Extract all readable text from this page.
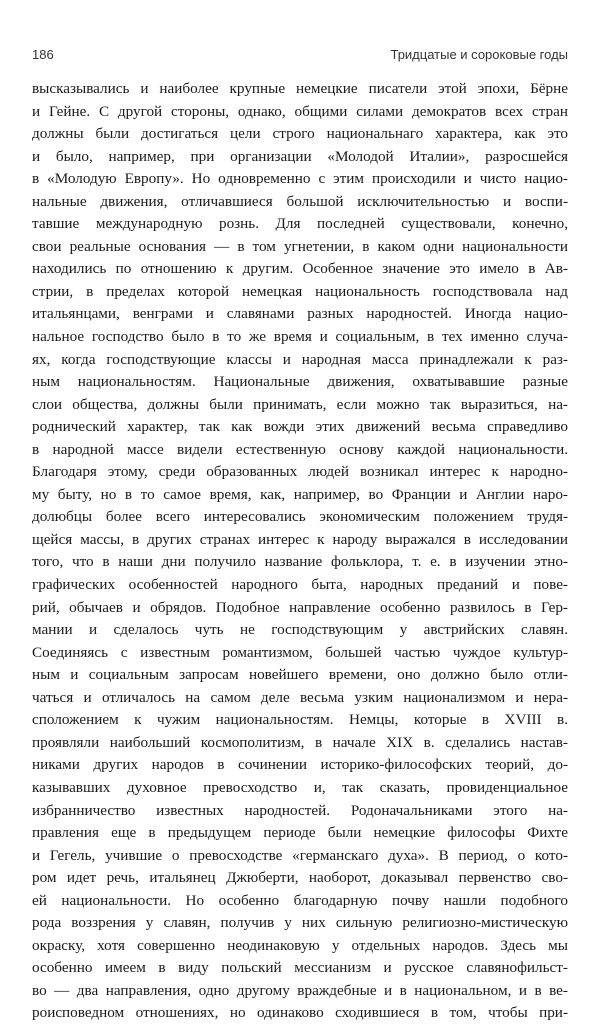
186	Тридцатые и сороковые годы
высказывались и наиболее крупные немецкие писатели этой эпохи, Бёрне
и Гейне. С другой стороны, однако, общими силами демократов всех стран
должны были достигаться цели строго национальнаго характера, как это
и было, например, при организации «Молодой Италии», разросшейся
в «Молодую Европу». Но одновременно с этим происходили и чисто нацио-
нальные движения, отличавшиеся большой исключительностью и воспи-
тавшие международную рознь. Для последней существовали, конечно,
свои реальные основания — в том угнетении, в каком одни национальности
находились по отношению к другим. Особенное значение это имело в Ав-
стрии, в пределах которой немецкая национальность господствовала над
итальянцами, венграми и славянами разных народностей. Иногда нацио-
нальное господство было в то же время и социальным, в тех именно случа-
ях, когда господствующие классы и народная масса принадлежали к раз-
ным национальностям. Национальные движения, охватывавшие разные
слои общества, должны были принимать, если можно так выразиться, на-
роднический характер, так как вожди этих движений весьма справедливо
в народной массе видели естественную основу каждой национальности.
Благодаря этому, среди образованных людей возникал интерес к народно-
му быту, но в то самое время, как, например, во Франции и Англии наро-
долюбцы более всего интересовались экономическим положением трудя-
щейся массы, в других странах интерес к народу выражался в исследовании
того, что в наши дни получило название фольклора, т. е. в изучении этно-
графических особенностей народного быта, народных преданий и пове-
рий, обычаев и обрядов. Подобное направление особенно развилось в Гер-
мании и сделалось чуть не господствующим у австрийских славян.
Соединяясь с известным романтизмом, большей частью чуждое культур-
ным и социальным запросам новейшего времени, оно должно было отли-
чаться и отличалось на самом деле весьма узким национализмом и нера-
сположением к чужим национальностям. Немцы, которые в XVIII в.
проявляли наибольший космополитизм, в начале XIX в. сделались настав-
никами других народов в сочинении историко-философских теорий, до-
казывавших духовное превосходство и, так сказать, провиденциальное
избранничество известных народностей. Родоначальниками этого на-
правления еще в предыдущем периоде были немецкие философы Фихте
и Гегель, учившие о превосходстве «германскаго духа». В период, о кото-
ром идет речь, итальянец Джюберти, наоборот, доказывал первенство сво-
ей национальности. Но особенно благодарную почву нашли подобного
рода воззрения у славян, получив у них сильную религиозно-мистическую
окраску, хотя совершенно неодинаковую у отдельных народов. Здесь мы
особенно имеем в виду польский мессианизм и русское славянофильст-
во — два направления, одно другому враждебные и в национальном, и в ве-
роисповедном отношениях, но одинаково сходившиеся в том, чтобы при-
